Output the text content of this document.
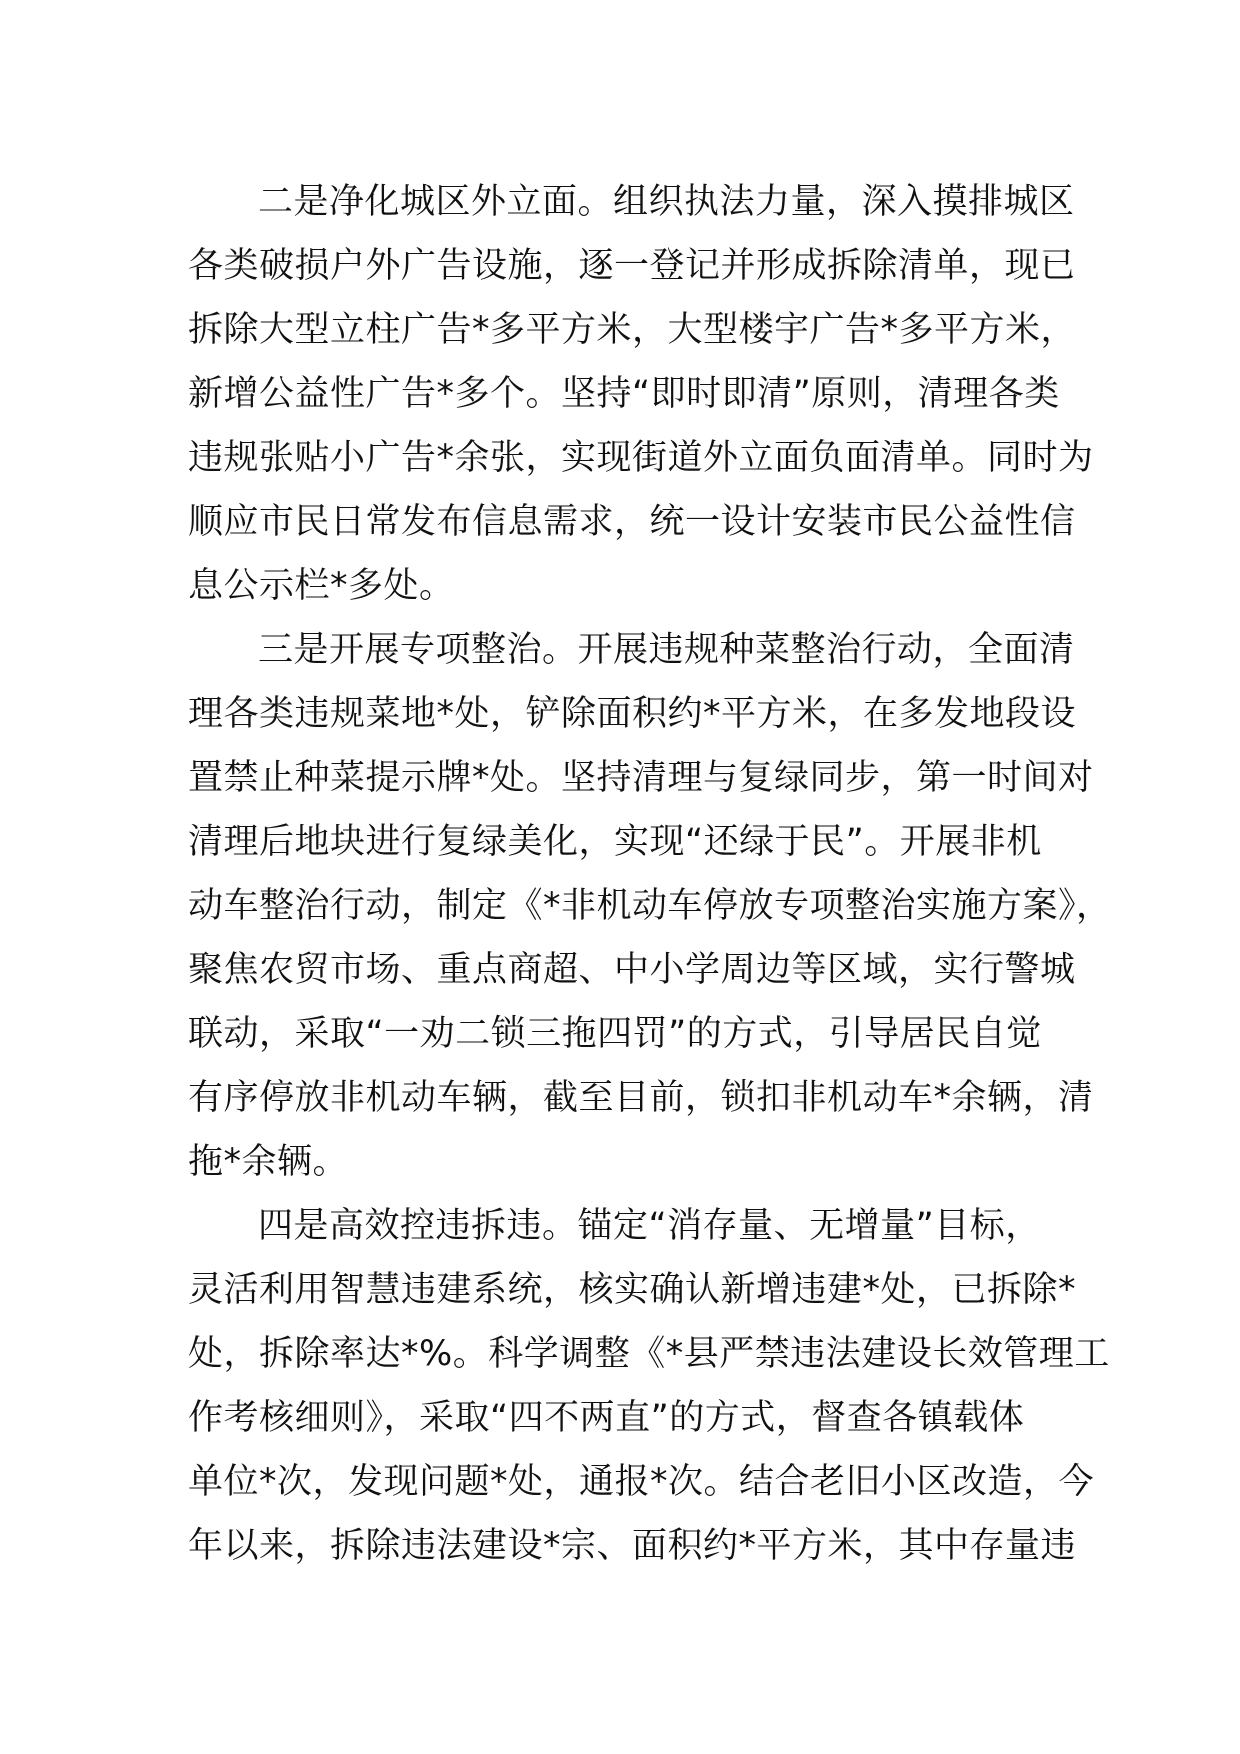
二是净化城区外立面。组织执法力量，深入摸排城区
各类破损户外广告设施，逐一登记并形成拆除清单，现已
拆除大型立柱广告*多平方米，大型楼宇广告*多平方米，
新增公益性广告*多个。坚持“即时即清”原则，清理各类
违规张贴小广告*余张，实现街道外立面负面清单。同时为
顺应市民日常发布信息需求，统一设计安装市民公益性信
息公示栏*多处。
三是开展专项整治。开展违规种菜整治行动，全面清
理各类违规菜地*处，铲除面积约*平方米，在多发地段设
置禁止种菜提示牌*处。坚持清理与复绿同步，第一时间对
清理后地块进行复绿美化，实现“还绿于民”。开展非机
动车整治行动，制定《*非机动车停放专项整治实施方案》，
聚焦农贸市场、重点商超、中小学周边等区域，实行警城
联动，采取“一劝二锁三拖四罚”的方式，引导居民自觉
有序停放非机动车辆，截至目前，锁扣非机动车*余辆，清
拖*余辆。
四是高效控违拆违。锚定“消存量、无增量”目标，
灵活利用智慧违建系统，核实确认新增违建*处，已拆除*
处，拆除率达*%。科学调整《*县严禁违法建设长效管理工
作考核细则》，采取“四不两直”的方式，督查各镇载体
单位*次，发现问题*处，通报*次。结合老旧小区改造，今
年以来，拆除违法建设*宗、面积约*平方米，其中存量违
